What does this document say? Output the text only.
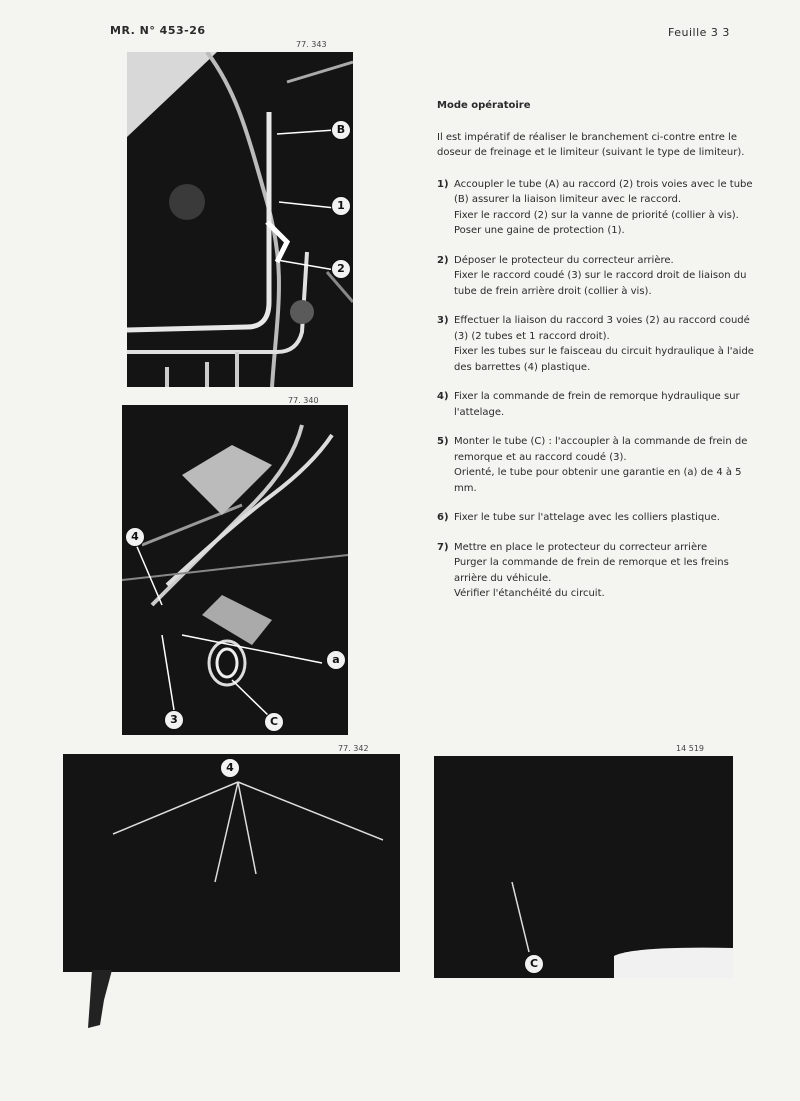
MR. N° 453-26	Feuille 3 3
77. 343
B
1
2
77. 340
4
a
3	C
77. 342
4
14 519
C
Mode opératoire
Il est impératif de réaliser le branchement ci-contre entre le doseur de freinage et le limiteur (suivant le type de limiteur).
1) Accoupler le tube (A) au raccord (2) trois voies avec le tube (B) assurer la liaison limiteur avec le raccord.

Fixer le raccord (2) sur la vanne de priorité (collier à vis).

Poser une gaine de protection (1).

2) Déposer le protecteur du correcteur arrière.

Fixer le raccord coudé (3) sur le raccord droit de liaison du tube de frein arrière droit (collier à vis).

3) Effectuer la liaison du raccord 3 voies (2) au raccord coudé (3) (2 tubes et 1 raccord droit).

Fixer les tubes sur le faisceau du circuit hydraulique à l'aide des barrettes (4) plastique.

4) Fixer la commande de frein de remorque hydraulique sur l'attelage.

5) Monter le tube (C) : l'accoupler à la commande de frein de remorque et au raccord coudé (3).

Orienté, le tube pour obtenir une garantie en (a) de 4 à 5 mm.

6) Fixer le tube sur l'attelage avec les colliers plastique.

7) Mettre en place le protecteur du correcteur arrière

Purger la commande de frein de remorque et les freins arrière du véhicule.

Vérifier l'étanchéité du circuit.
